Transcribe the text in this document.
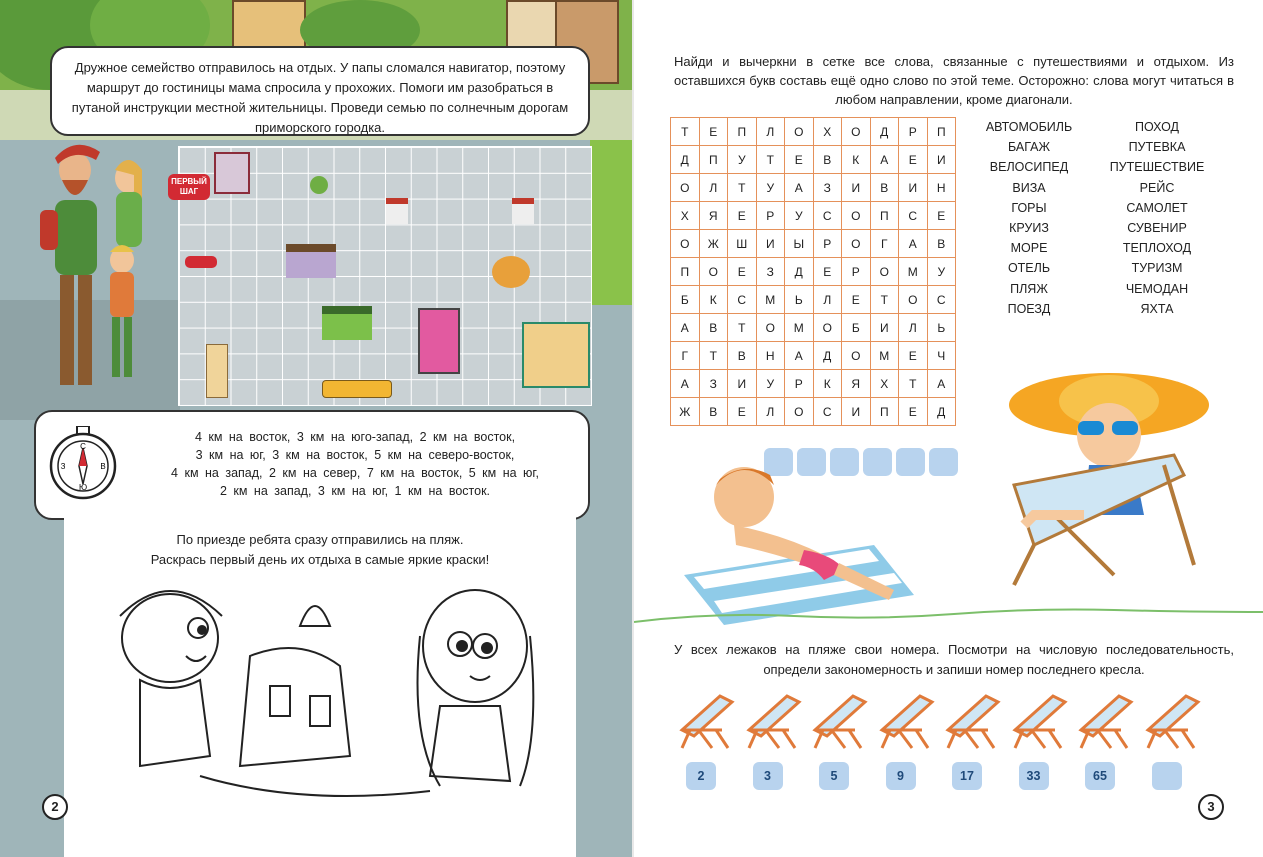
Дружное семейство отправилось на отдых. У папы сломался навигатор, поэтому маршрут до гостиницы мама спросила у прохожих. Помоги им разобраться в путаной инструкции местной жительницы. Проведи семью по солнечным дорогам приморского городка.
ПЕРВЫЙ ШАГ
С
Ю
З	В
4 км на восток, 3 км на юго-запад, 2 км на восток,
3 км на юг, 3 км на восток, 5 км на северо-восток,
4 км на запад, 2 км на север, 7 км на восток, 5 км на юг,
2 км на запад, 3 км на юг, 1 км на восток.
По приезде ребята сразу отправились на пляж.
Раскрась первый день их отдыха в самые яркие краски!
2
Найди и вычеркни в сетке все слова, связанные с путешествиями и отдыхом. Из оставшихся букв составь ещё одно слово по этой теме. Осторожно: слова могут читаться в любом направлении, кроме диагонали.
Т	Е	П	Л	О	Х	О	Д	Р	П
Д	П	У	Т	Е	В	К	А	Е	И
О	Л	Т	У	А	З	И	В	И	Н
Х	Я	Е	Р	У	С	О	П	С	Е
О	Ж	Ш	И	Ы	Р	О	Г	А	В
П	О	Е	З	Д	Е	Р	О	М	У
Б	К	С	М	Ь	Л	Е	Т	О	С
А	В	Т	О	М	О	Б	И	Л	Ь
Г	Т	В	Н	А	Д	О	М	Е	Ч
А	З	И	У	Р	К	Я	Х	Т	А
Ж	В	Е	Л	О	С	И	П	Е	Д
АВТОМОБИЛЬ
БАГАЖ
ВЕЛОСИПЕД
ВИЗА
ГОРЫ
КРУИЗ
МОРЕ
ОТЕЛЬ
ПЛЯЖ
ПОЕЗД
ПОХОД
ПУТЕВКА
ПУТЕШЕСТВИЕ
РЕЙС
САМОЛЕТ
СУВЕНИР
ТЕПЛОХОД
ТУРИЗМ
ЧЕМОДАН
ЯХТА
У всех лежаков на пляже свои номера. Посмотри на числовую последовательность, определи закономерность и запиши номер последнего кресла.
3
2	3	5	9	17	33	65
